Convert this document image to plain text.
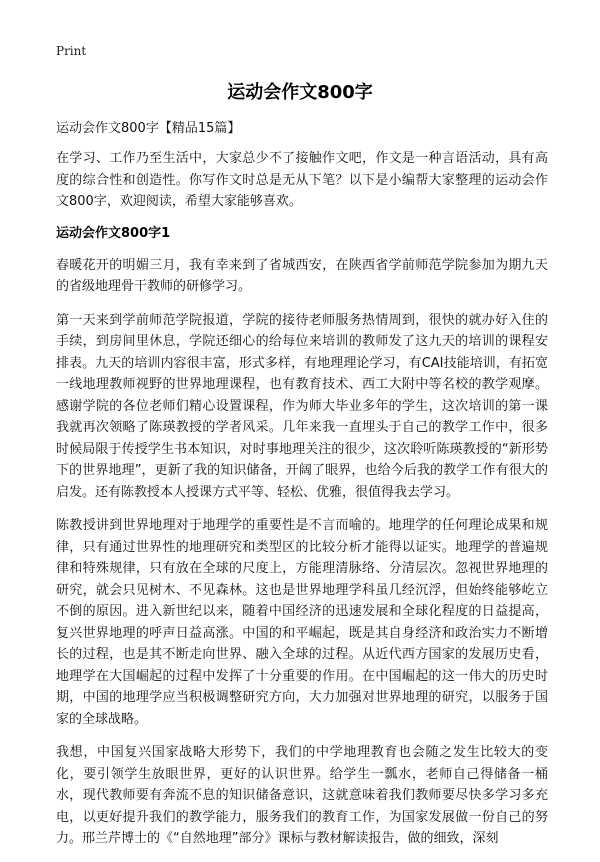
Print
运动会作文800字

运动会作文800字【精品15篇】

在学习、工作乃至生活中，大家总少不了接触作文吧，作文是一种言语活动，具有高度的综合性和创造性。你写作文时总是无从下笔？以下是小编帮大家整理的运动会作文800字，欢迎阅读，希望大家能够喜欢。

运动会作文800字1

春暖花开的明媚三月，我有幸来到了省城西安，在陕西省学前师范学院参加为期九天的省级地理骨干教师的研修学习。

第一天来到学前师范学院报道，学院的接待老师服务热情周到，很快的就办好入住的手续，到房间里休息，学院还细心的给每位来培训的教师发了这九天的培训的课程安排表。九天的培训内容很丰富，形式多样，有地理理论学习，有CAI技能培训，有拓宽一线地理教师视野的世界地理课程，也有教育技术、西工大附中等名校的教学观摩。感谢学院的各位老师们精心设置课程，作为师大毕业多年的学生，这次培训的第一课我就再次领略了陈瑛教授的学者风采。几年来我一直埋头于自己的教学工作中，很多时候局限于传授学生书本知识，对时事地理关注的很少，这次聆听陈瑛教授的“新形势下的世界地理”，更新了我的知识储备，开阔了眼界，也给今后我的教学工作有很大的启发。还有陈教授本人授课方式平等、轻松、优雅，很值得我去学习。

陈教授讲到世界地理对于地理学的重要性是不言而喻的。地理学的任何理论成果和规律，只有通过世界性的地理研究和类型区的比较分析才能得以证实。地理学的普遍规律和特殊规律，只有放在全球的尺度上，方能理清脉络、分清层次。忽视世界地理的研究，就会只见树木、不见森林。这也是世界地理学科虽几经沉浮，但始终能够屹立不倒的原因。进入新世纪以来，随着中国经济的迅速发展和全球化程度的日益提高，复兴世界地理的呼声日益高涨。中国的和平崛起，既是其自身经济和政治实力不断增长的过程，也是其不断走向世界、融入全球的过程。从近代西方国家的发展历史看，地理学在大国崛起的过程中发挥了十分重要的作用。在中国崛起的这一伟大的历史时期，中国的地理学应当积极调整研究方向，大力加强对世界地理的研究，以服务于国家的全球战略。

我想，中国复兴国家战略大形势下，我们的中学地理教育也会随之发生比较大的变化，要引领学生放眼世界，更好的认识世界。给学生一瓢水，老师自己得储备一桶水，现代教师要有奔流不息的知识储备意识，这就意味着我们教师要尽快多学习多充电，以更好提升我们的教学能力，服务我们的教育工作，为国家发展做一份自己的努力。邢兰芹博士的《“自然地理”部分》课标与教材解读报告，做的细致，深刻
